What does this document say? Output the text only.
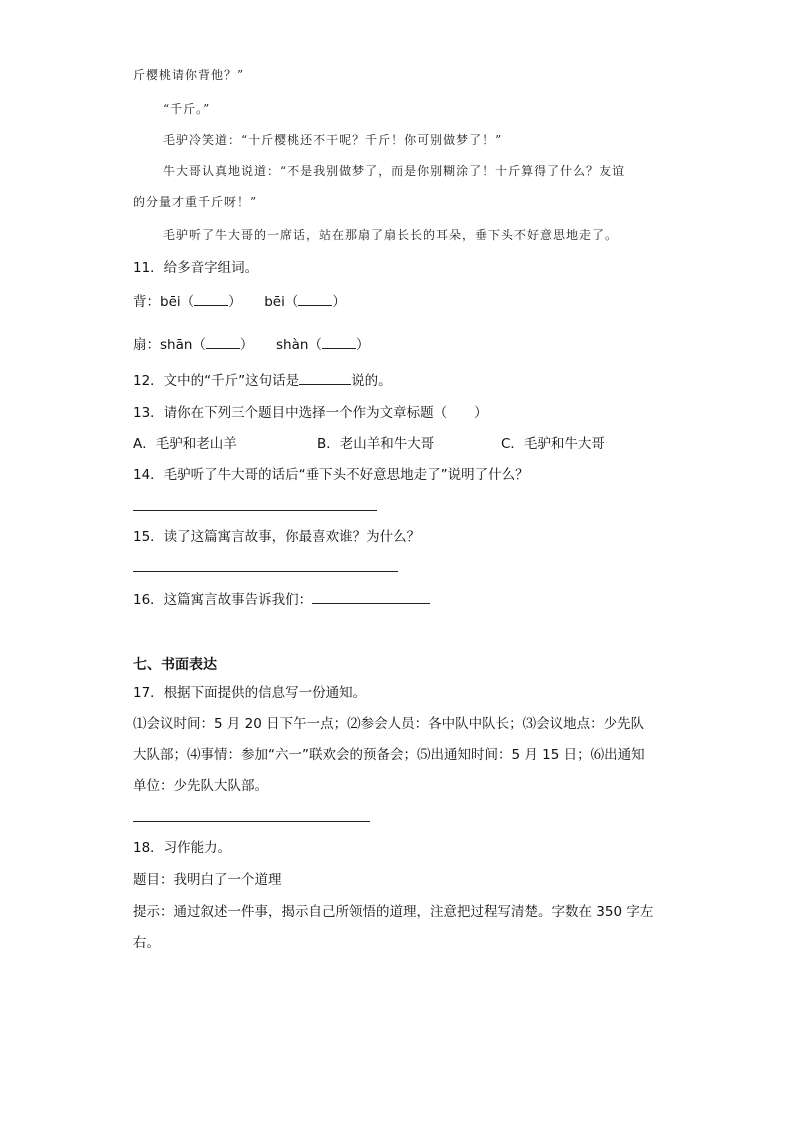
斤樱桃请你背他？”
“千斤。”
毛驴冷笑道：“十斤樱桃还不干呢？千斤！你可别做梦了！”
牛大哥认真地说道：“不是我别做梦了，而是你别糊涂了！十斤算得了什么？友谊
的分量才重千斤呀！”
毛驴听了牛大哥的一席话，站在那扇了扇长长的耳朵，垂下头不好意思地走了。
11．给多音字组词。
背：bēi（	） bēi（	）
扇：shān（	） shàn（	）
12．文中的“千斤”这句话是	说的。
13．请你在下列三个题目中选择一个作为文章标题（　　）
A．毛驴和老山羊	B．老山羊和牛大哥	C．毛驴和牛大哥
14．毛驴听了牛大哥的话后“垂下头不好意思地走了”说明了什么？
15．读了这篇寓言故事，你最喜欢谁？为什么？
16．这篇寓言故事告诉我们：
七、书面表达
17．根据下面提供的信息写一份通知。
⑴会议时间：5 月 20 日下午一点；⑵参会人员：各中队中队长；⑶会议地点：少先队
大队部；⑷事情：参加“六一”联欢会的预备会；⑸出通知时间：5 月 15 日；⑹出通知
单位：少先队大队部。
18．习作能力。
题目：我明白了一个道理
提示：通过叙述一件事，揭示自己所领悟的道理，注意把过程写清楚。字数在 350 字左
右。
